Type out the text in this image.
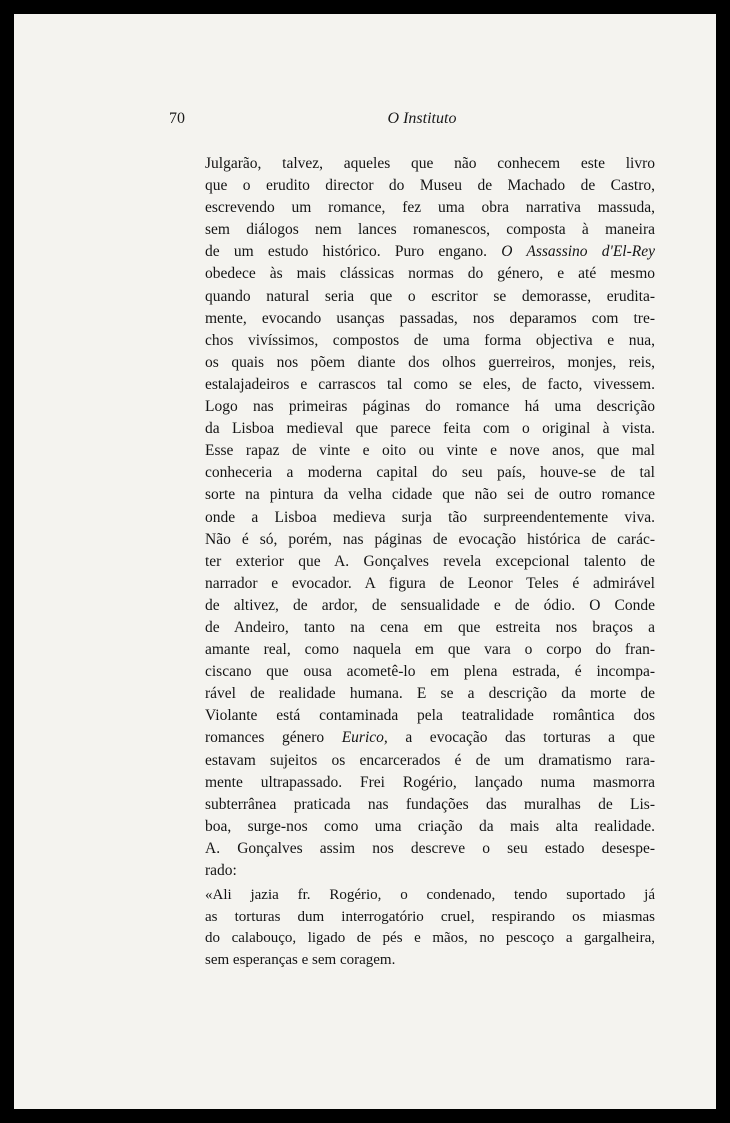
70	O Instituto

Julgarão, talvez, aqueles que não conhecem este livro
que o erudito director do Museu de Machado de Castro,
escrevendo um romance, fez uma obra narrativa massuda,
sem diálogos nem lances romanescos, composta à maneira
de um estudo histórico. Puro engano. O Assassino d'El-Rey
obedece às mais clássicas normas do género, e até mesmo
quando natural seria que o escritor se demorasse, erudita-
mente, evocando usanças passadas, nos deparamos com tre-
chos vivíssimos, compostos de uma forma objectiva e nua,
os quais nos põem diante dos olhos guerreiros, monjes, reis,
estalajadeiros e carrascos tal como se eles, de facto, vivessem.
Logo nas primeiras páginas do romance há uma descrição
da Lisboa medieval que parece feita com o original à vista.
Esse rapaz de vinte e oito ou vinte e nove anos, que mal
conheceria a moderna capital do seu país, houve-se de tal
sorte na pintura da velha cidade que não sei de outro romance
onde a Lisboa medieva surja tão surpreendentemente viva.
Não é só, porém, nas páginas de evocação histórica de carác-
ter exterior que A. Gonçalves revela excepcional talento de
narrador e evocador. A figura de Leonor Teles é admirável
de altivez, de ardor, de sensualidade e de ódio. O Conde
de Andeiro, tanto na cena em que estreita nos braços a
amante real, como naquela em que vara o corpo do fran-
ciscano que ousa acometê-lo em plena estrada, é incompa-
rável de realidade humana. E se a descrição da morte de
Violante está contaminada pela teatralidade romântica dos
romances género Eurico, a evocação das torturas a que
estavam sujeitos os encarcerados é de um dramatismo rara-
mente ultrapassado. Frei Rogério, lançado numa masmorra
subterrânea praticada nas fundações das muralhas de Lis-
boa, surge-nos como uma criação da mais alta realidade.
A. Gonçalves assim nos descreve o seu estado desespe-
rado:

«Ali jazia fr. Rogério, o condenado, tendo suportado já
as torturas dum interrogatório cruel, respirando os miasmas
do calabouço, ligado de pés e mãos, no pescoço a gargalheira,
sem esperanças e sem coragem.
